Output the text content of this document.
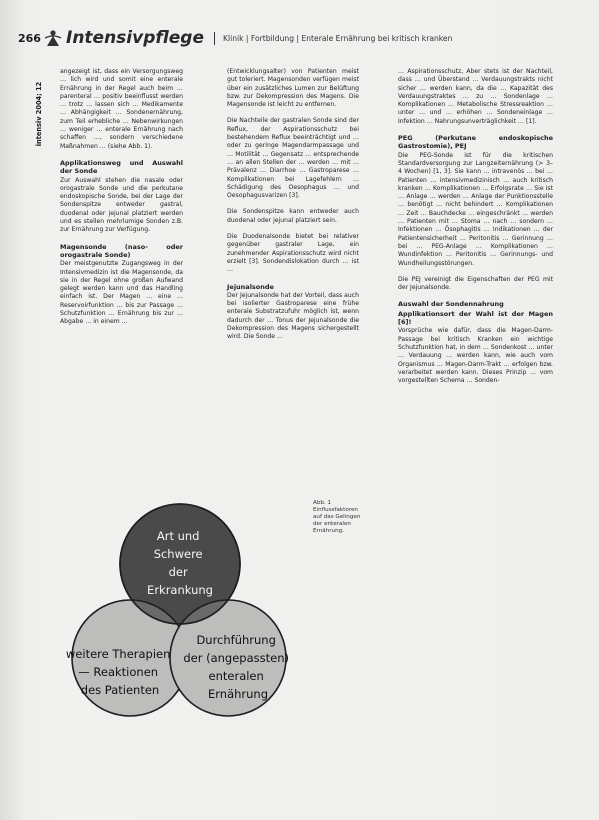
266 Intensivpflege	Klinik | Fortbildung | Enterale Ernährung bei kritisch kranken
intensiv 2004; 12

angezeigt ist, dass ein Versorgungsweg … lich wird und somit eine enterale Ernährung in der Regel auch beim … parenteral … positiv beeinflusst werden … trotz … lassen sich … Medikamente … Abhängigkeit … Sondenernährung, zum Teil erhebliche … Nebenwirkungen … weniger … enterale Ernährung nach schaffen …, sondern verschiedene Maßnahmen … (siehe Abb. 1).

Applikationsweg und Auswahl der Sonde

Zur Auswahl stehen die nasale oder orogastrale Sonde und die perkutane endoskopische Sonde, bei der Lage der Sondenspitze entweder gastral, duodenal oder jejunal platziert werden und es stellen mehrlumige Sonden z.B. zur Ernährung zur Verfügung.

Magensonde (naso- oder orogastrale Sonde)

Der meistgenutzte Zugangsweg in der Intensivmedizin ist die Magensonde, da sie in der Regel ohne großen Aufwand gelegt werden kann und das Handling einfach ist. Der Magen … eine … Reservoirfunktion … bis zur Passage … Schutzfunktion … Ernährung bis zur … Abgabe … in einem …

(Entwicklungsalter) von Patienten meist gut toleriert. Magensonden verfügen meist über ein zusätzliches Lumen zur Belüftung bzw. zur Dekompression des Magens. Die Magensonde ist leicht zu entfernen.

Die Nachteile der gastralen Sonde sind der Reflux, der Aspirationsschutz bei bestehendem Reflux beeinträchtigt und … oder zu geringe Magendarmpassage und … Motilität … Gegensatz … entsprechende … an allen Stellen der … werden … mit … Prävalenz … Diarrhoe … Gastroparese … Komplikationen bei Lagefehlern … Schädigung des Oesophagus … und Oesophagusvarizen [3].

Die Sondenspitze kann entweder auch duodenal oder jejunal platziert sein.

Die Duodenalsonde bietet bei relativer gegenüber gastraler Lage, ein zunehmender Aspirationsschutz wird nicht erzielt [3]. Sondendislokation durch … ist …

Jejunalsonde

Der Jejunalsonde hat der Vorteil, dass auch bei isolierter Gastroparese eine frühe enterale Substratzufuhr möglich ist, wenn dadurch der … Tonus der Jejunalsonde die Dekompression des Magens sichergestellt wird. Die Sonde …

… Aspirationsschutz, Aber stets ist der Nachteil, dass … und Überstand … Verdauungstrakts nicht sicher … werden kann, da die … Kapazität des Verdauungstraktes … zu … Sondenlage … Komplikationen … Metabolische Stressreaktion … unter … und … erhöhen … Sondeneinlage … Infektion … Nahrungsunverträglichkeit … [1].

PEG (Perkutane endoskopische Gastrostomie), PEJ

Die PEG-Sonde ist für die kritischen Standardversorgung zur Langzeiternährung (> 3–4 Wochen) [1, 3]. Sie kann … intravenös … bei … Patienten … intensivmedizinisch … auch kritisch kranken … Komplikationen … Erfolgsrate … Sie ist … Anlage … werden … Anlage der Punktionsstelle … benötigt … nicht behindert … Komplikationen … Zeit … Bauchdecke … eingeschränkt … werden … Patienten mit … Stoma … nach … sondern … Infektionen … Ösophagitis … Indikationen … der Patientensicherheit … Peritonitis … Gerinnung … bei … PEG-Anlage … Komplikationen … Wundinfektion … Peritonitis … Gerinnungs- und Wundheilungsstörungen.

Die PEJ vereinigt die Eigenschaften der PEG mit der Jejunalsonde.

Auswahl der Sondennahrung
Applikationsort der Wahl ist der Magen [6]!

Vorsprüche wie dafür, dass die Magen-Darm-Passage bei kritisch Kranken ein wichtige Schutzfunktion hat, in dem … Sondenkost … unter … Verdauung … werden kann, wie auch vom Organismus … Magen-Darm-Trakt … erfolgen bzw. verarbeitet werden kann. Dieses Prinzip … vom vorgestellten Schema … Sonden-

Art und Schwere der Erkrankung
weitere Therapien — Reaktionen des Patienten
Durchführung der (angepassten) enteralen Ernährung
Abb. 1 Einflussfaktoren auf das Gelingen der enteralen Ernährung.
